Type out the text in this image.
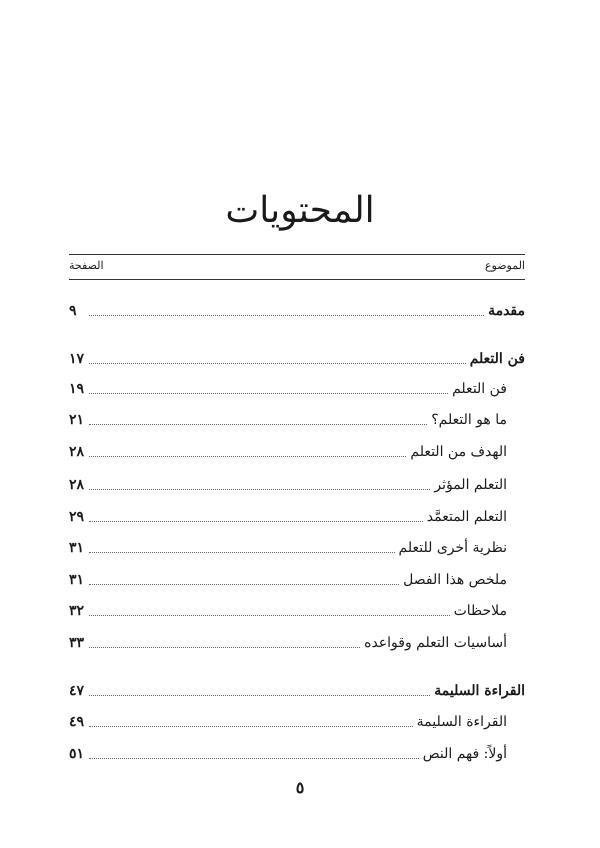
المحتويات
الموضوع
الصفحة
مقدمة
٩
فن التعلم
١٧
فن التعلم
١٩
ما هو التعلم؟
٢١
الهدف من التعلم
٢٨
التعلم المؤثر
٢٨
التعلم المتعمَّد
٢٩
نظرية أخرى للتعلم
٣١
ملخص هذا الفصل
٣١
ملاحظات
٣٢
أساسيات التعلم وقواعده
٣٣
القراءة السليمة
٤٧
القراءة السليمة
٤٩
أولاً: فهم النص
٥١
٥
